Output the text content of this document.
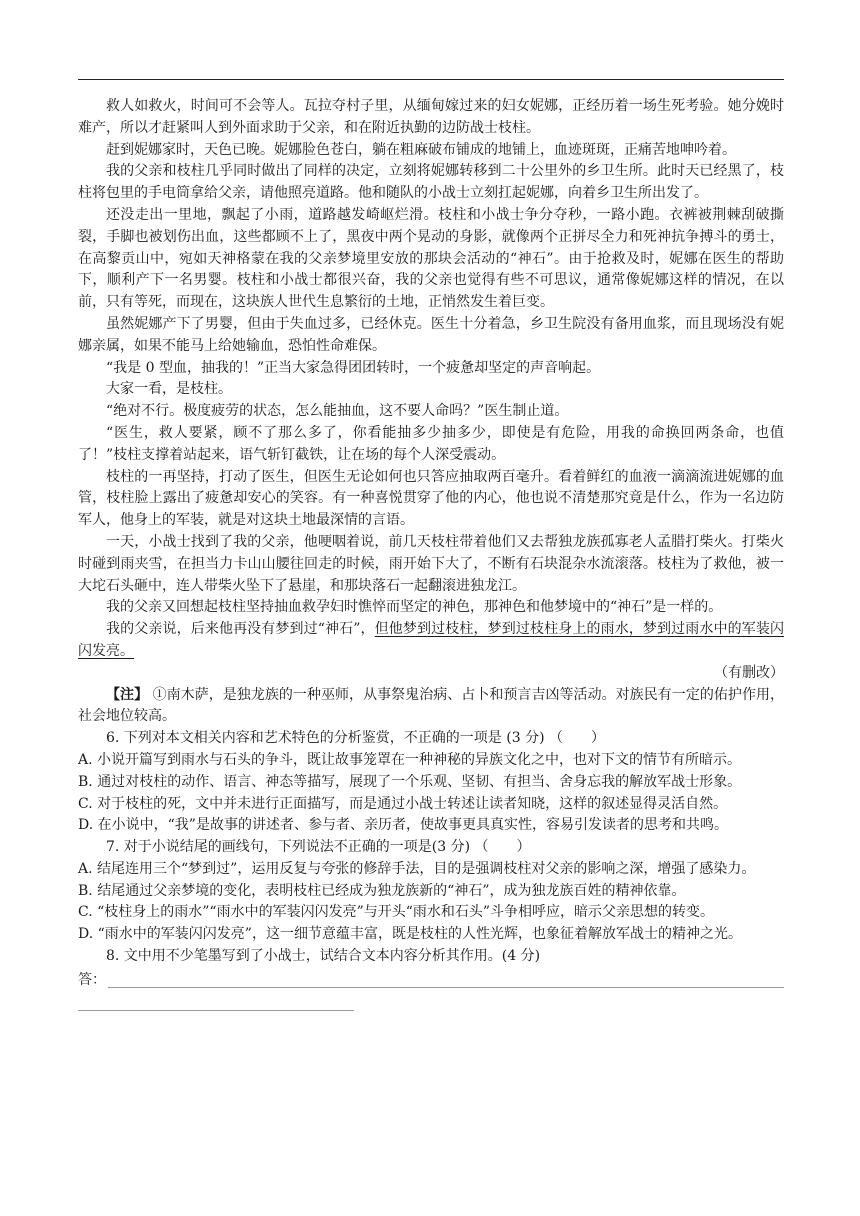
救人如救火，时间可不会等人。瓦拉夺村子里，从缅甸嫁过来的妇女妮娜，正经历着一场生死考验。她分娩时难产，所以才赶紧叫人到外面求助于父亲，和在附近执勤的边防战士枝柱。

赶到妮娜家时，天色已晚。妮娜脸色苍白，躺在粗麻破布铺成的地铺上，血迹斑斑，正痛苦地呻吟着。

我的父亲和枝柱几乎同时做出了同样的决定，立刻将妮娜转移到二十公里外的乡卫生所。此时天已经黑了，枝柱将包里的手电筒拿给父亲，请他照亮道路。他和随队的小战士立刻扛起妮娜，向着乡卫生所出发了。

还没走出一里地，飘起了小雨，道路越发崎岖烂滑。枝柱和小战士争分夺秒，一路小跑。衣裤被荆棘刮破撕裂，手脚也被划伤出血，这些都顾不上了，黑夜中两个晃动的身影，就像两个正拼尽全力和死神抗争搏斗的勇士，在高黎贡山中，宛如天神格蒙在我的父亲梦境里安放的那块会活动的“神石”。由于抢救及时，妮娜在医生的帮助下，顺利产下一名男婴。枝柱和小战士都很兴奋，我的父亲也觉得有些不可思议，通常像妮娜这样的情况，在以前，只有等死，而现在，这块族人世代生息繁衍的土地，正悄然发生着巨变。

虽然妮娜产下了男婴，但由于失血过多，已经休克。医生十分着急，乡卫生院没有备用血浆，而且现场没有妮娜亲属，如果不能马上给她输血，恐怕性命难保。

“我是 0 型血，抽我的！”正当大家急得团团转时，一个疲惫却坚定的声音响起。

大家一看，是枝柱。

“绝对不行。极度疲劳的状态，怎么能抽血，这不要人命吗？”医生制止道。

“医生，救人要紧，顾不了那么多了，你看能抽多少抽多少，即使是有危险，用我的命换回两条命，也值了！”枝柱支撑着站起来，语气斩钉截铁，让在场的每个人深受震动。

枝柱的一再坚持，打动了医生，但医生无论如何也只答应抽取两百毫升。看着鲜红的血液一滴滴流进妮娜的血管，枝柱脸上露出了疲惫却安心的笑容。有一种喜悦贯穿了他的内心，他也说不清楚那究竟是什么，作为一名边防军人，他身上的军装，就是对这块土地最深情的言语。

一天，小战士找到了我的父亲，他哽咽着说，前几天枝柱带着他们又去帮独龙族孤寡老人孟腊打柴火。打柴火时碰到雨夹雪，在担当力卡山山腰往回走的时候，雨开始下大了，不断有石块混杂水流滚落。枝柱为了救他，被一大坨石头砸中，连人带柴火坠下了悬崖，和那块落石一起翻滚进独龙江。

我的父亲又回想起枝柱坚持抽血救孕妇时憔悴而坚定的神色，那神色和他梦境中的“神石”是一样的。

我的父亲说，后来他再没有梦到过“神石”，但他梦到过枝柱，梦到过枝柱身上的雨水，梦到过雨水中的军装闪闪发亮。

（有删改）

【注】 ①南木萨，是独龙族的一种巫师，从事祭鬼治病、占卜和预言吉凶等活动。对族民有一定的佑护作用，社会地位较高。

6. 下列对本文相关内容和艺术特色的分析鉴赏，不正确的一项是 (3 分) （　　）

A. 小说开篇写到雨水与石头的争斗，既让故事笼罩在一种神秘的异族文化之中，也对下文的情节有所暗示。

B. 通过对枝柱的动作、语言、神态等描写，展现了一个乐观、坚韧、有担当、舍身忘我的解放军战士形象。

C. 对于枝柱的死，文中并未进行正面描写，而是通过小战士转述让读者知晓，这样的叙述显得灵活自然。

D. 在小说中，“我”是故事的讲述者、参与者、亲历者，使故事更具真实性，容易引发读者的思考和共鸣。

7. 对于小说结尾的画线句，下列说法不正确的一项是(3 分) （　　）

A. 结尾连用三个“梦到过”，运用反复与夸张的修辞手法，目的是强调枝柱对父亲的影响之深，增强了感染力。

B. 结尾通过父亲梦境的变化，表明枝柱已经成为独龙族新的“神石”，成为独龙族百姓的精神依靠。

C. “枝柱身上的雨水”“雨水中的军装闪闪发亮”与开头“雨水和石头”斗争相呼应，暗示父亲思想的转变。

D. “雨水中的军装闪闪发亮”，这一细节意蕴丰富，既是枝柱的人性光辉，也象征着解放军战士的精神之光。

8. 文中用不少笔墨写到了小战士，试结合文本内容分析其作用。(4 分)

答：
